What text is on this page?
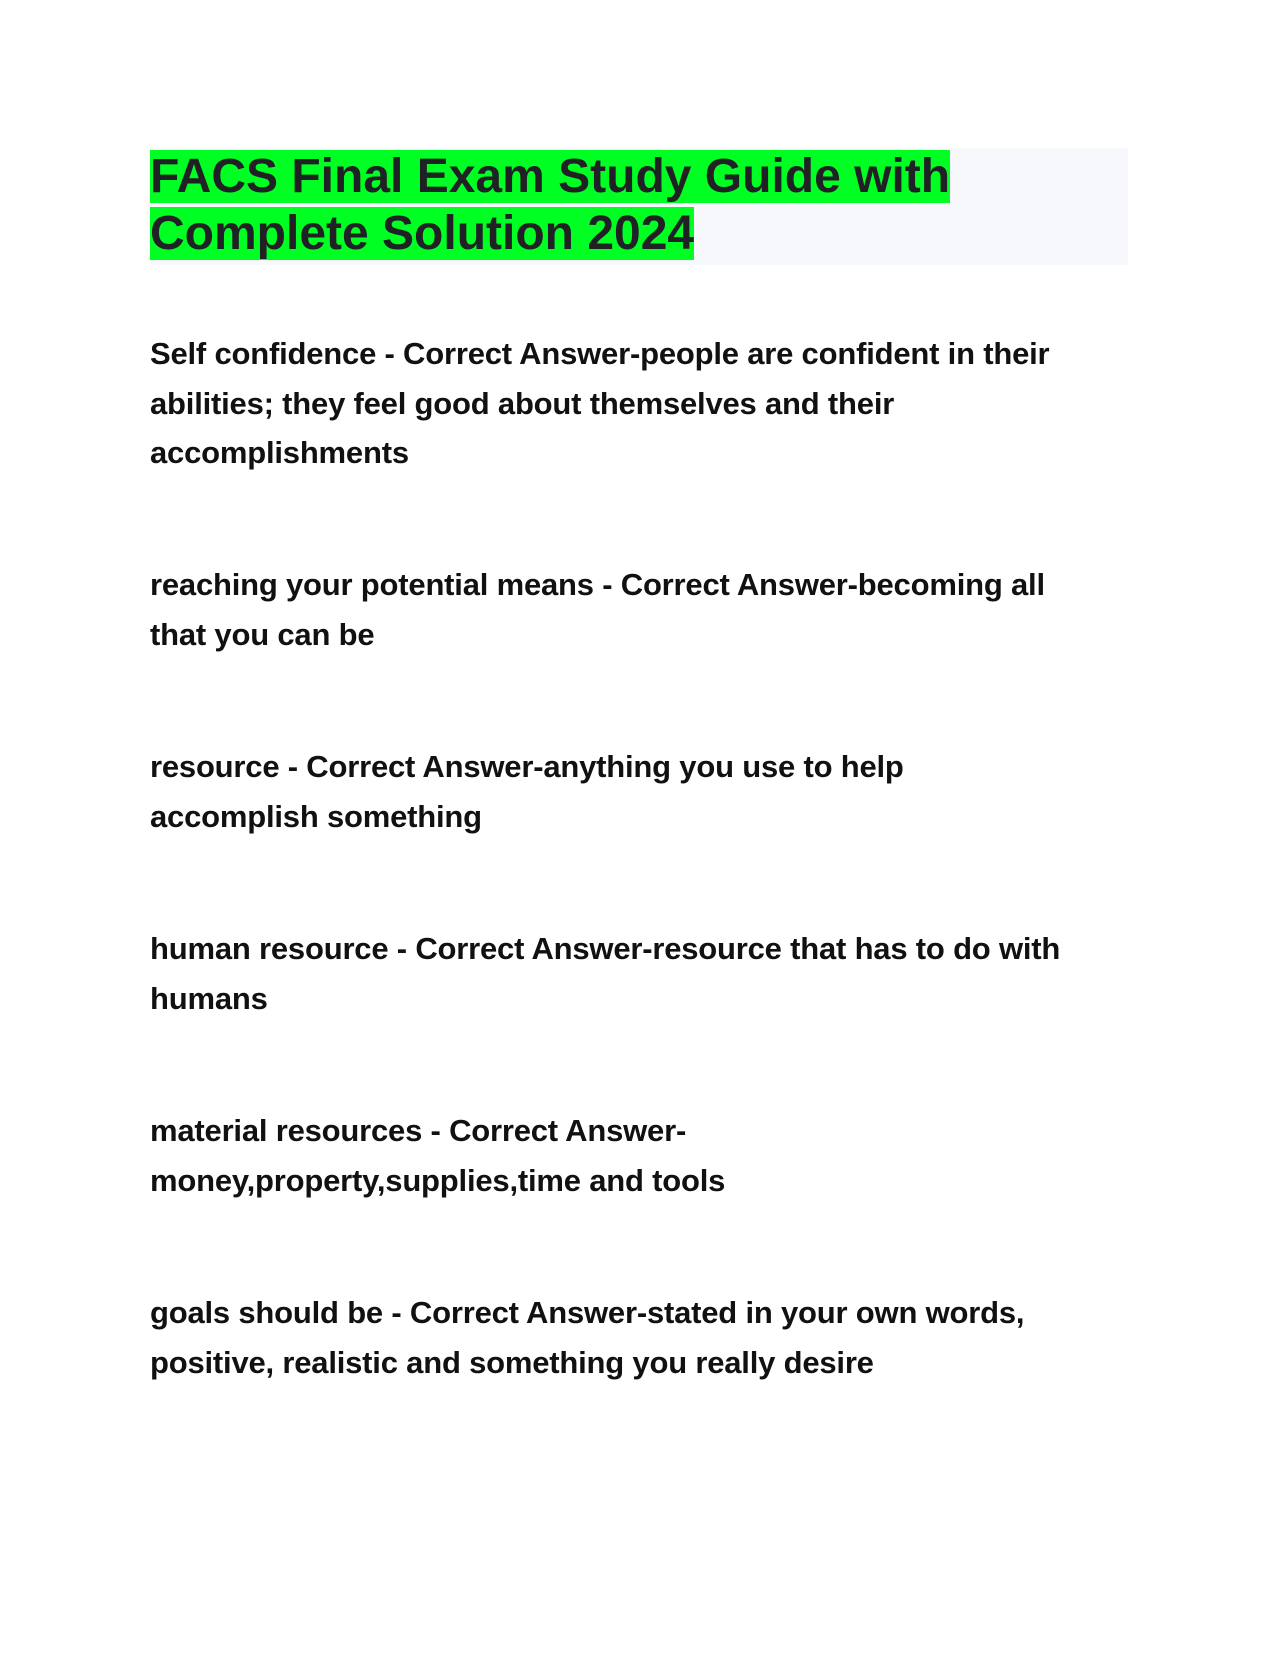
FACS Final Exam Study Guide with
Complete Solution 2024

Self confidence - Correct Answer-people are confident in their
abilities; they feel good about themselves and their
accomplishments

reaching your potential means - Correct Answer-becoming all
that you can be

resource - Correct Answer-anything you use to help
accomplish something

human resource - Correct Answer-resource that has to do with
humans

material resources - Correct Answer-
money,property,supplies,time and tools

goals should be - Correct Answer-stated in your own words,
positive, realistic and something you really desire
